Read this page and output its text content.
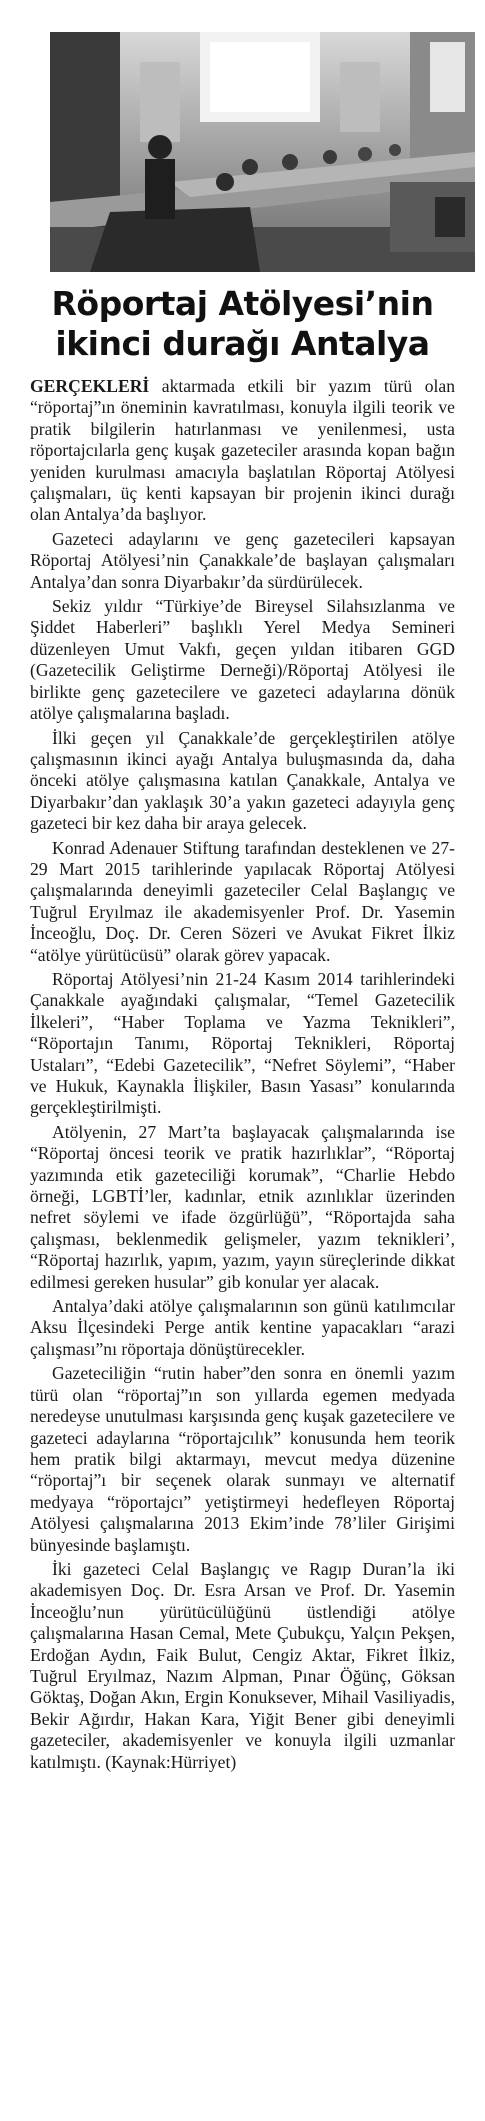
Röportaj Atölyesi’nin
ikinci durağı Antalya

GERÇEKLERİ aktarmada etkili bir yazım türü olan “röportaj”ın öneminin kavratılması, konuyla ilgili teorik ve pratik bilgilerin hatırlanması ve yenilenmesi, usta röportajcılarla genç kuşak gazeteciler arasında kopan bağın yeniden kurulması amacıyla başlatılan Röportaj Atölyesi çalışmaları, üç kenti kapsayan bir projenin ikinci durağı olan Antalya’da başlıyor.

Gazeteci adaylarını ve genç gazetecileri kapsayan Röportaj Atölyesi’nin Çanakkale’de başlayan çalışmaları Antalya’dan sonra Diyarbakır’da sürdürülecek.

Sekiz yıldır “Türkiye’de Bireysel Silahsızlanma ve Şiddet Haberleri” başlıklı Yerel Medya Semineri düzenleyen Umut Vakfı, geçen yıldan itibaren GGD (Gazetecilik Geliştirme Derneği)/Röportaj Atölyesi ile birlikte genç gazetecilere ve gazeteci adaylarına dönük atölye çalışmalarına başladı.

İlki geçen yıl Çanakkale’de gerçekleştirilen atölye çalışmasının ikinci ayağı Antalya buluşmasında da, daha önceki atölye çalışmasına katılan Çanakkale, Antalya ve Diyarbakır’dan yaklaşık 30’a yakın gazeteci adayıyla genç gazeteci bir kez daha bir araya gelecek.

Konrad Adenauer Stiftung tarafından desteklenen ve 27-29 Mart 2015 tarihlerinde yapılacak Röportaj Atölyesi çalışmalarında deneyimli gazeteciler Celal Başlangıç ve Tuğrul Eryılmaz ile akademisyenler Prof. Dr. Yasemin İnceoğlu, Doç. Dr. Ceren Sözeri ve Avukat Fikret İlkiz “atölye yürütücüsü” olarak görev yapacak.

Röportaj Atölyesi’nin 21-24 Kasım 2014 tarihlerindeki Çanakkale ayağındaki çalışmalar, “Temel Gazetecilik İlkeleri”, “Haber Toplama ve Yazma Teknikleri”, “Röportajın Tanımı, Röportaj Teknikleri, Röportaj Ustaları”, “Edebi Gazetecilik”, “Nefret Söylemi”, “Haber ve Hukuk, Kaynakla İlişkiler, Basın Yasası” konularında gerçekleştirilmişti.

Atölyenin, 27 Mart’ta başlayacak çalışmalarında ise “Röportaj öncesi teorik ve pratik hazırlıklar”, “Röportaj yazımında etik gazeteciliği korumak”, “Charlie Hebdo örneği, LGBTİ’ler, kadınlar, etnik azınlıklar üzerinden nefret söylemi ve ifade özgürlüğü”, “Röportajda saha çalışması, beklenmedik gelişmeler, yazım teknikleri’, “Röportaj hazırlık, yapım, yazım, yayın süreçlerinde dikkat edilmesi gereken husular” gib konular yer alacak.

Antalya’daki atölye çalışmalarının son günü katılımcılar Aksu İlçesindeki Perge antik kentine yapacakları “arazi çalışması”nı röportaja dönüştürecekler.

Gazeteciliğin “rutin haber”den sonra en önemli yazım türü olan “röportaj”ın son yıllarda egemen medyada neredeyse unutulması karşısında genç kuşak gazetecilere ve gazeteci adaylarına “röportajcılık” konusunda hem teorik hem pratik bilgi aktarmayı, mevcut medya düzenine “röportaj”ı bir seçenek olarak sunmayı ve alternatif medyaya “röportajcı” yetiştirmeyi hedefleyen Röportaj Atölyesi çalışmalarına 2013 Ekim’inde 78’liler Girişimi bünyesinde başlamıştı.

İki gazeteci Celal Başlangıç ve Ragıp Duran’la iki akademisyen Doç. Dr. Esra Arsan ve Prof. Dr. Yasemin İnceoğlu’nun yürütücülüğünü üstlendiği atölye çalışmalarına Hasan Cemal, Mete Çubukçu, Yalçın Pekşen, Erdoğan Aydın, Faik Bulut, Cengiz Aktar, Fikret İlkiz, Tuğrul Eryılmaz, Nazım Alpman, Pınar Öğünç, Göksan Göktaş, Doğan Akın, Ergin Konuksever, Mihail Vasiliyadis, Bekir Ağırdır, Hakan Kara, Yiğit Bener gibi deneyimli gazeteciler, akademisyenler ve konuyla ilgili uzmanlar katılmıştı. (Kaynak:Hürriyet)
